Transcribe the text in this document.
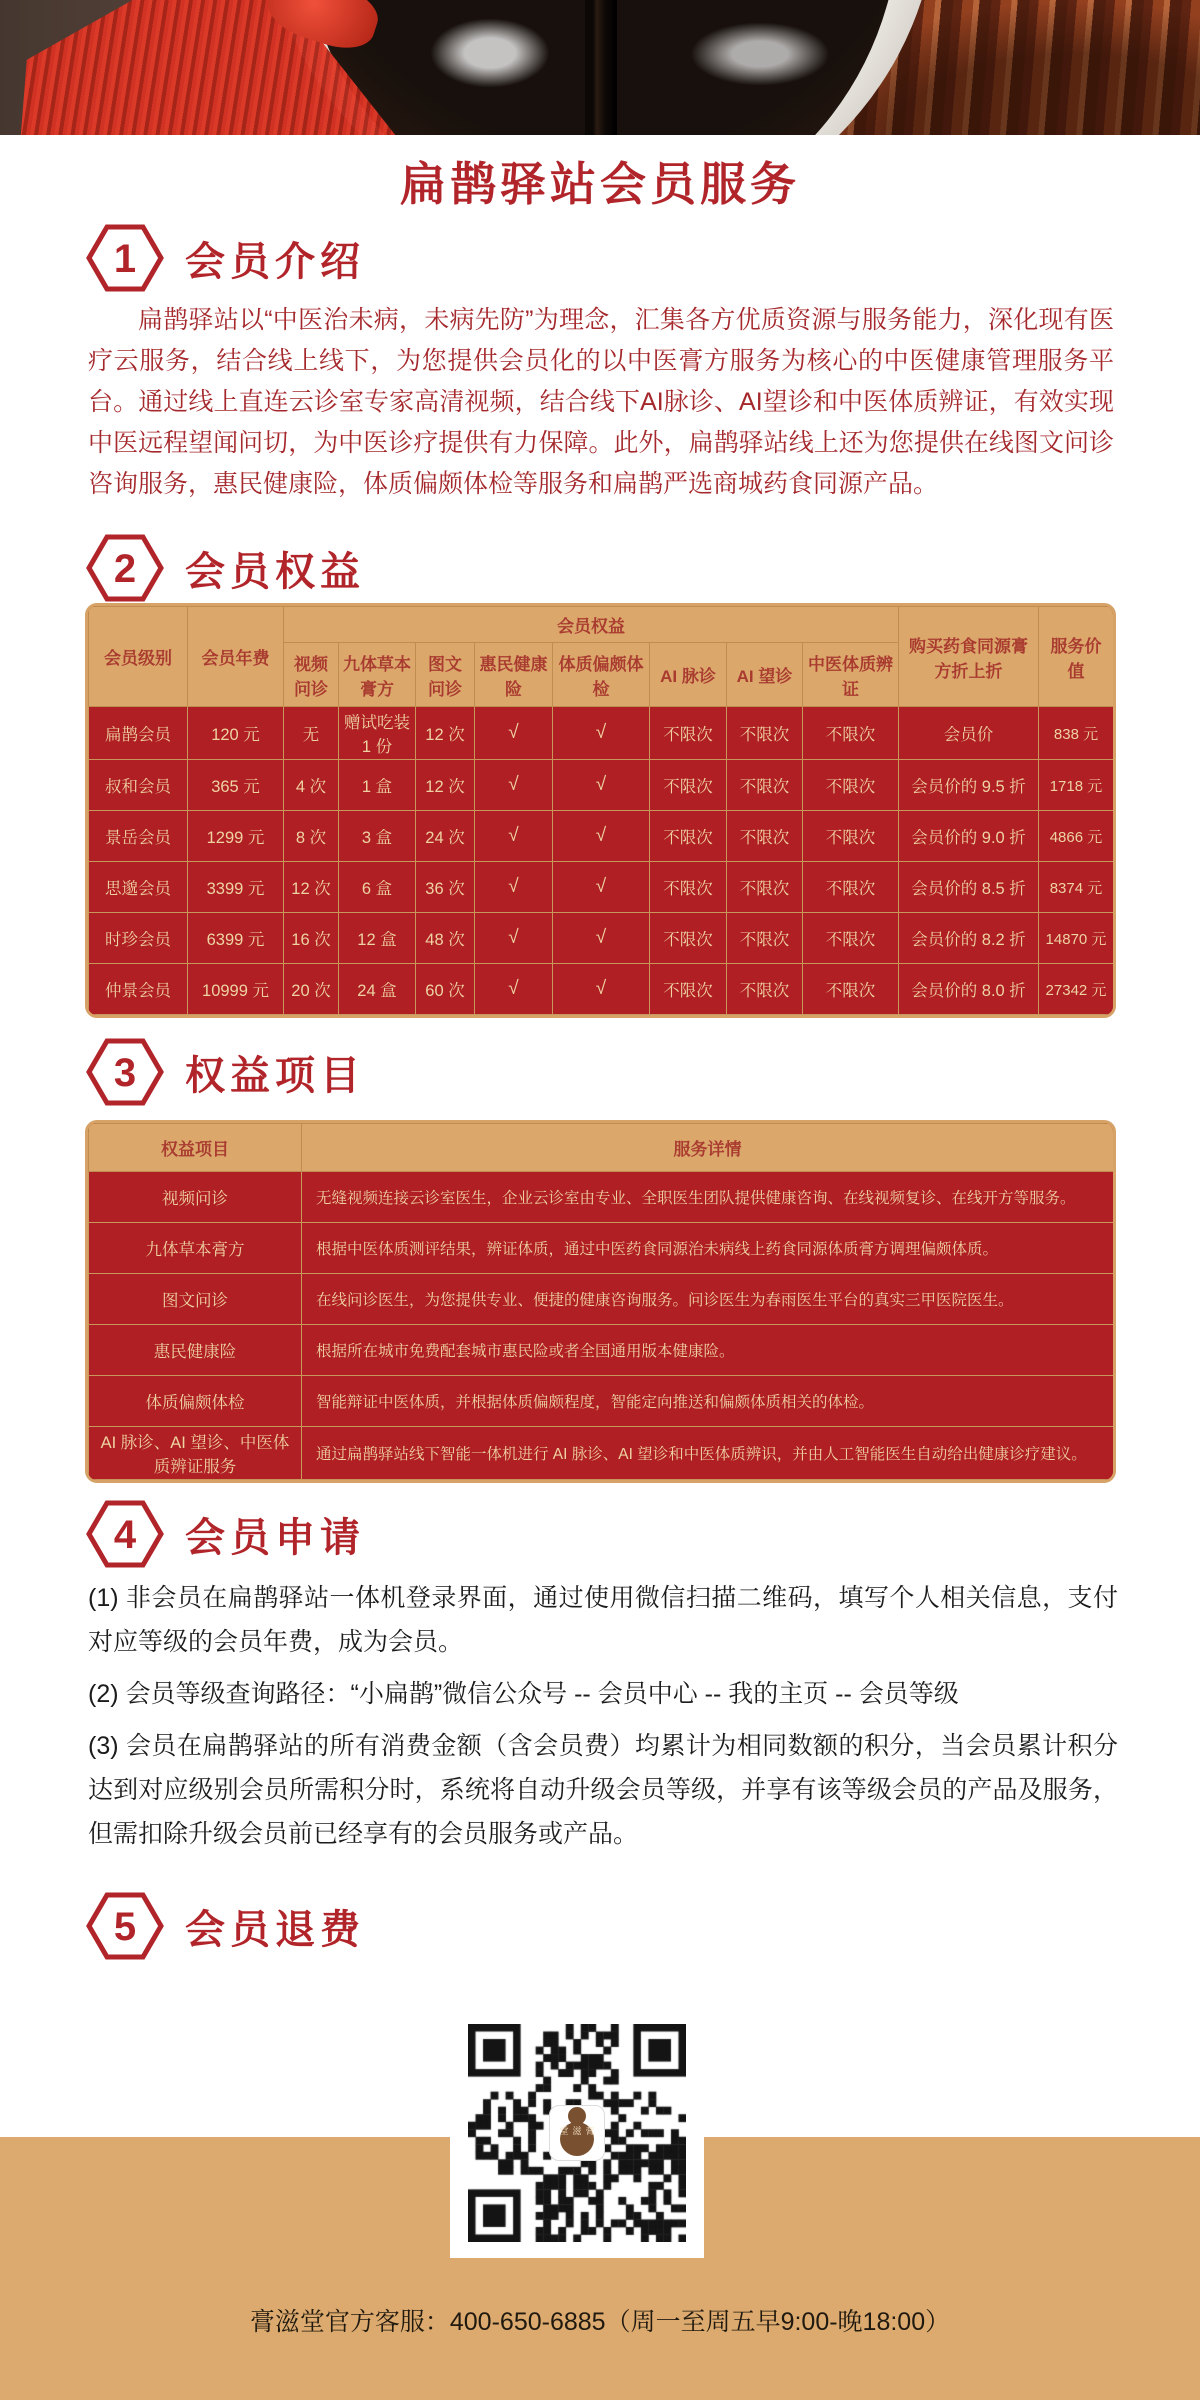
扁鹊驿站会员服务
1 会员介绍
扁鹊驿站以“中医治未病，未病先防”为理念，汇集各方优质资源与服务能力，深化现有医疗云服务，结合线上线下，为您提供会员化的以中医膏方服务为核心的中医健康管理服务平台。通过线上直连云诊室专家高清视频，结合线下AI脉诊、AI望诊和中医体质辨证，有效实现中医远程望闻问切，为中医诊疗提供有力保障。此外，扁鹊驿站线上还为您提供在线图文问诊咨询服务，惠民健康险，体质偏颇体检等服务和扁鹊严选商城药食同源产品。
2 会员权益
会员级别	会员年费	会员权益								购买药食同源膏方折上折	服务价值
		视频问诊	九体草本膏方	图文问诊	惠民健康险	体质偏颇体检	AI 脉诊	AI 望诊	中医体质辨证		
扁鹊会员	120 元	无	赠试吃装 1 份	12 次	√	√	不限次	不限次	不限次	会员价	838 元
叔和会员	365 元	4 次	1 盒	12 次	√	√	不限次	不限次	不限次	会员价的 9.5 折	1718 元
景岳会员	1299 元	8 次	3 盒	24 次	√	√	不限次	不限次	不限次	会员价的 9.0 折	4866 元
思邈会员	3399 元	12 次	6 盒	36 次	√	√	不限次	不限次	不限次	会员价的 8.5 折	8374 元
时珍会员	6399 元	16 次	12 盒	48 次	√	√	不限次	不限次	不限次	会员价的 8.2 折	14870 元
仲景会员	10999 元	20 次	24 盒	60 次	√	√	不限次	不限次	不限次	会员价的 8.0 折	27342 元
3 权益项目
权益项目	服务详情
视频问诊	无缝视频连接云诊室医生，企业云诊室由专业、全职医生团队提供健康咨询、在线视频复诊、在线开方等服务。
九体草本膏方	根据中医体质测评结果，辨证体质，通过中医药食同源治未病线上药食同源体质膏方调理偏颇体质。
图文问诊	在线问诊医生，为您提供专业、便捷的健康咨询服务。问诊医生为春雨医生平台的真实三甲医院医生。
惠民健康险	根据所在城市免费配套城市惠民险或者全国通用版本健康险。
体质偏颇体检	智能辩证中医体质，并根据体质偏颇程度，智能定向推送和偏颇体质相关的体检。
AI 脉诊、AI 望诊、中医体质辨证服务	通过扁鹊驿站线下智能一体机进行 AI 脉诊、AI 望诊和中医体质辨识，并由人工智能医生自动给出健康诊疗建议。
4 会员申请

(1) 非会员在扁鹊驿站一体机登录界面，通过使用微信扫描二维码，填写个人相关信息，支付对应等级的会员年费，成为会员。

(2) 会员等级查询路径：“小扁鹊”微信公众号 -- 会员中心 -- 我的主页 -- 会员等级

(3) 会员在扁鹊驿站的所有消费金额（含会员费）均累计为相同数额的积分，当会员累计积分达到对应级别会员所需积分时，系统将自动升级会员等级，并享有该等级会员的产品及服务，但需扣除升级会员前已经享有的会员服务或产品。

5 会员退费
膏滋堂
膏滋堂官方客服：400-650-6885（周一至周五早9:00-晚18:00）
